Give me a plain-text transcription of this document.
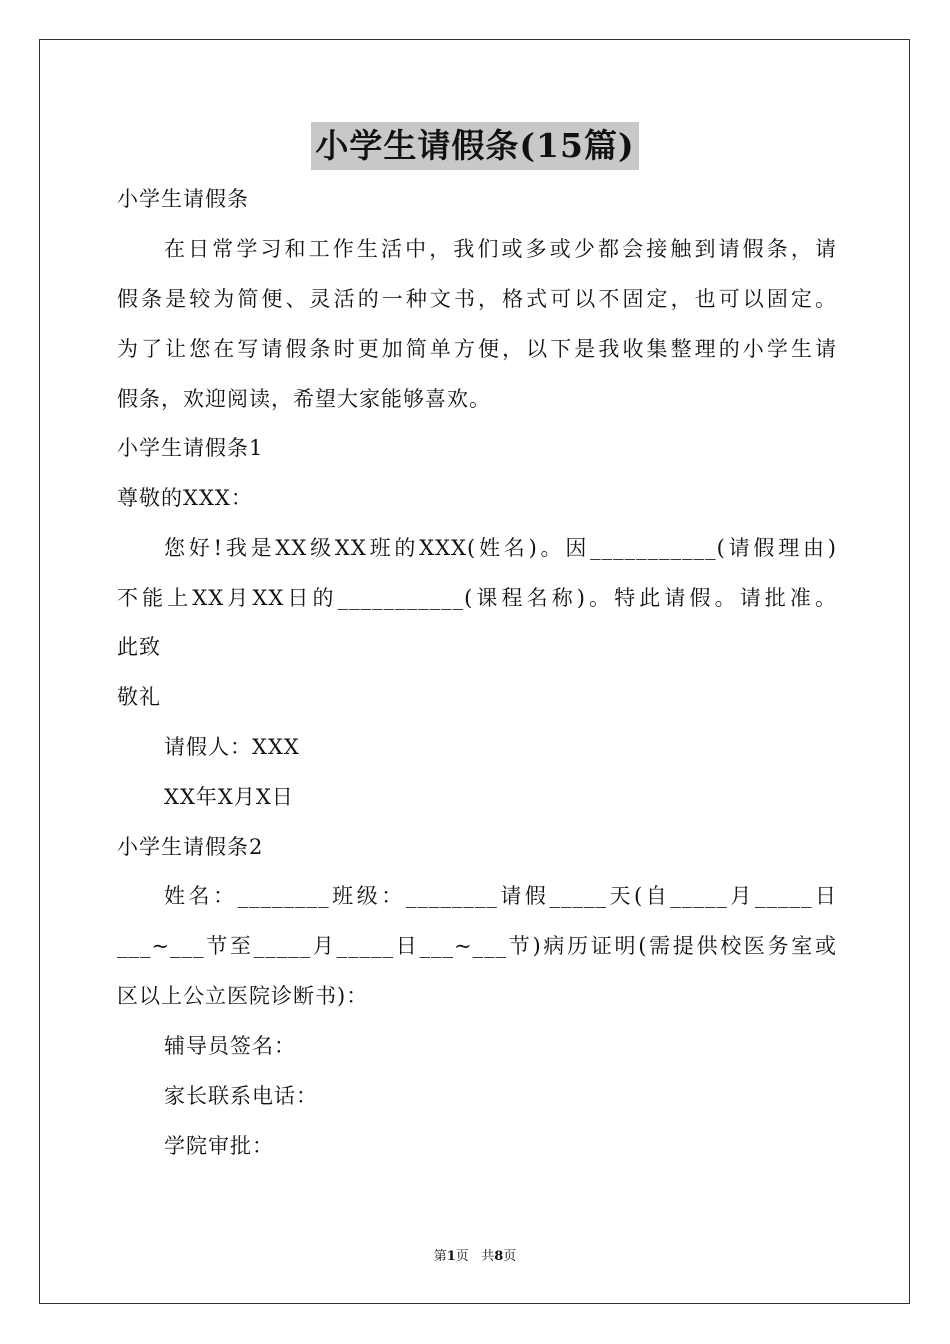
小学生请假条(15篇)
小学生请假条
在日常学习和工作生活中，我们或多或少都会接触到请假条，请
假条是较为简便、灵活的一种文书，格式可以不固定，也可以固定。
为了让您在写请假条时更加简单方便，以下是我收集整理的小学生请
假条，欢迎阅读，希望大家能够喜欢。
小学生请假条1
尊敬的XXX：
您好!我是XX级XX班的XXX(姓名)。因___________(请假理由)
不能上XX月XX日的___________(课程名称)。特此请假。请批准。
此致
敬礼
请假人：XXX
XX年X月X日
小学生请假条2
姓名：________班级：________请假_____天(自_____月_____日
___~___节至_____月_____日___~___节)病历证明(需提供校医务室或
区以上公立医院诊断书)：
辅导员签名：
家长联系电话：
学院审批：
第1页 共8页
